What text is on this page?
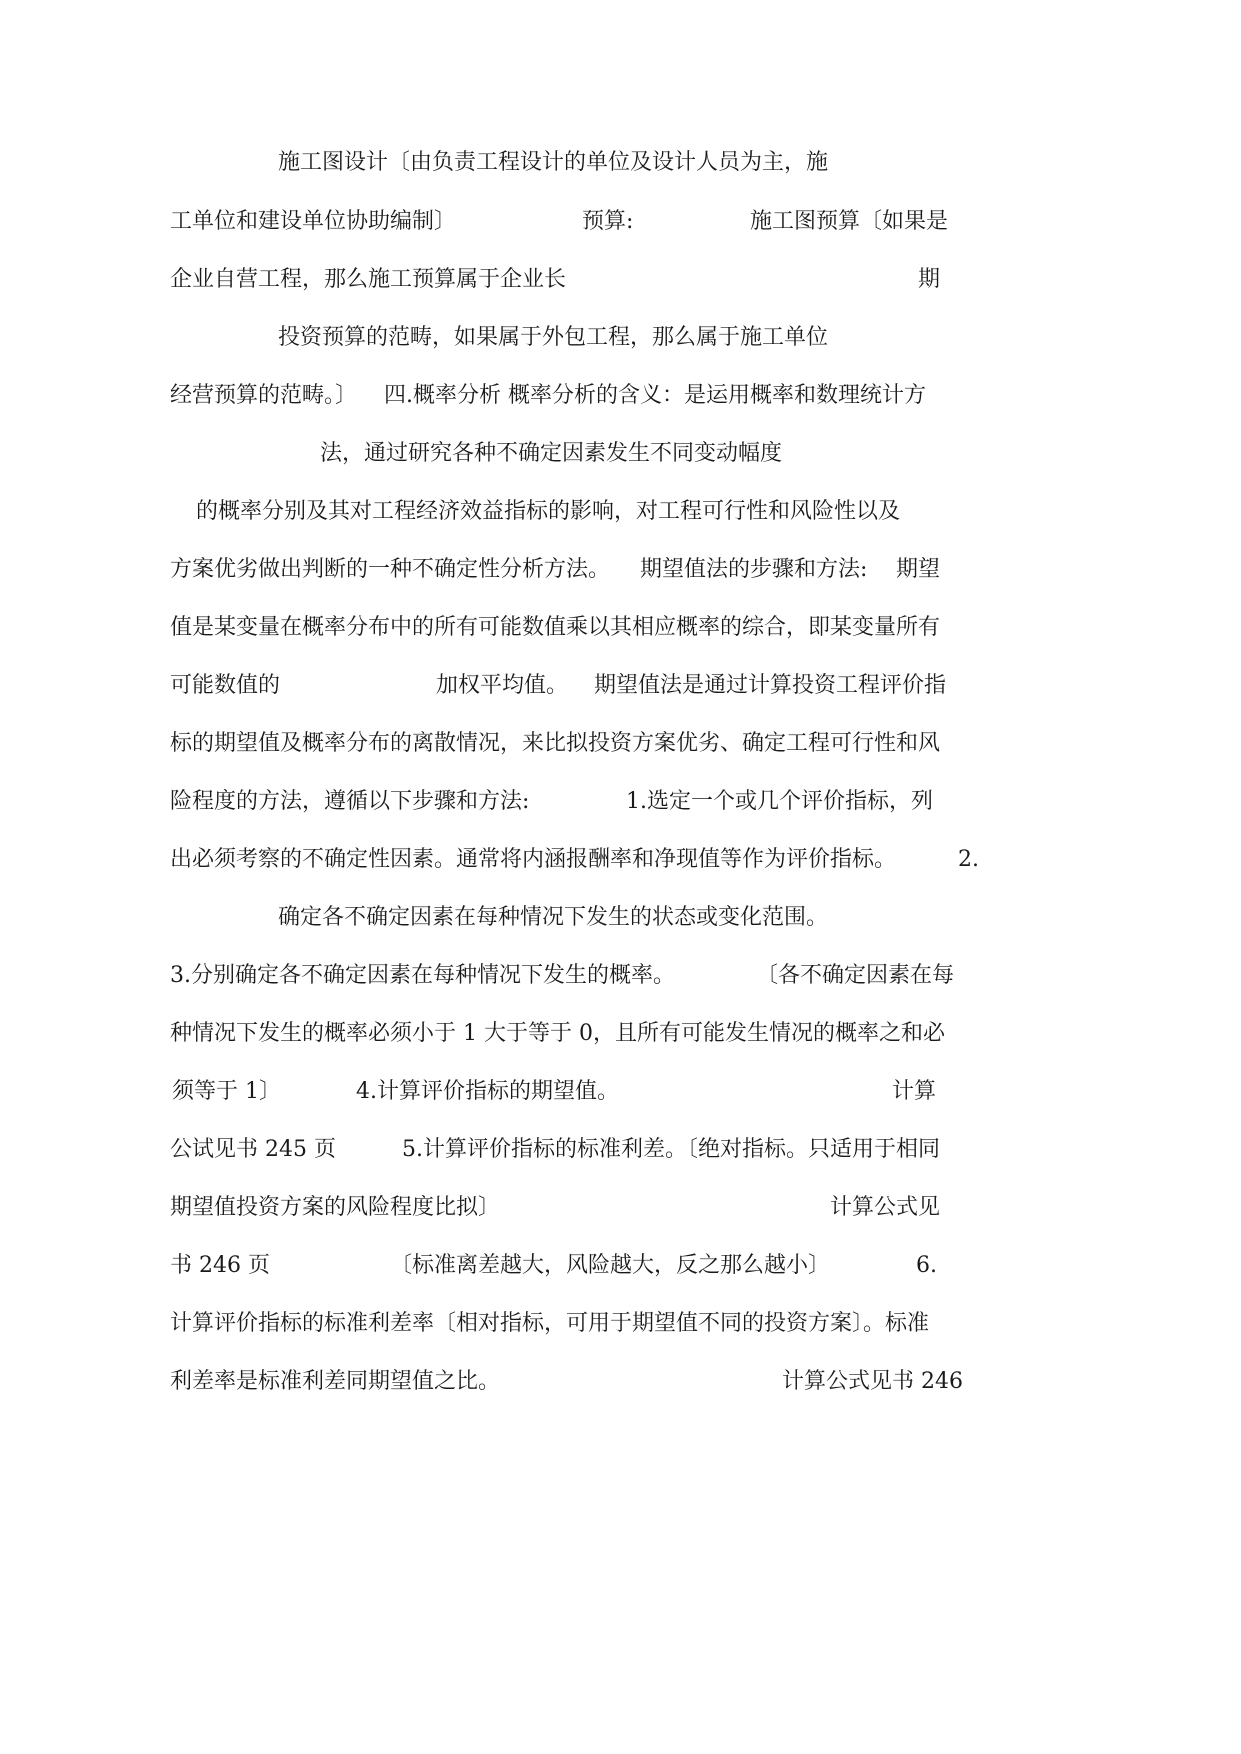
施工图设计〔由负责工程设计的单位及设计人员为主，施
工单位和建设单位协助编制〕	预算:	施工图预算〔如果是
企业自营工程，那么施工预算属于企业长	期
投资预算的范畴，如果属于外包工程，那么属于施工单位
经营预算的范畴。〕 四.概率分析 概率分析的含义：是运用概率和数理统计方
法，通过研究各种不确定因素发生不同变动幅度
的概率分别及其对工程经济效益指标的影响，对工程可行性和风险性以及
方案优劣做出判断的一种不确定性分析方法。 期望值法的步骤和方法: 期望
值是某变量在概率分布中的所有可能数值乘以其相应概率的综合，即某变量所有
可能数值的	加权平均值。 期望值法是通过计算投资工程评价指
标的期望值及概率分布的离散情况，来比拟投资方案优劣、确定工程可行性和风
险程度的方法，遵循以下步骤和方法:	1.选定一个或几个评价指标，列
出必须考察的不确定性因素。通常将内涵报酬率和净现值等作为评价指标。	2.
确定各不确定因素在每种情况下发生的状态或变化范围。
3.分别确定各不确定因素在每种情况下发生的概率。	〔各不确定因素在每
种情况下发生的概率必须小于 1 大于等于 0，且所有可能发生情况的概率之和必
须等于 1〕	4.计算评价指标的期望值。	计算
公试见书 245 页	5.计算评价指标的标准利差。〔绝对指标。只适用于相同
期望值投资方案的风险程度比拟〕	计算公式见
书 246 页	〔标准离差越大，风险越大，反之那么越小〕	6.
计算评价指标的标准利差率〔相对指标，可用于期望值不同的投资方案〕。标准
利差率是标准利差同期望值之比。	计算公式见书 246
